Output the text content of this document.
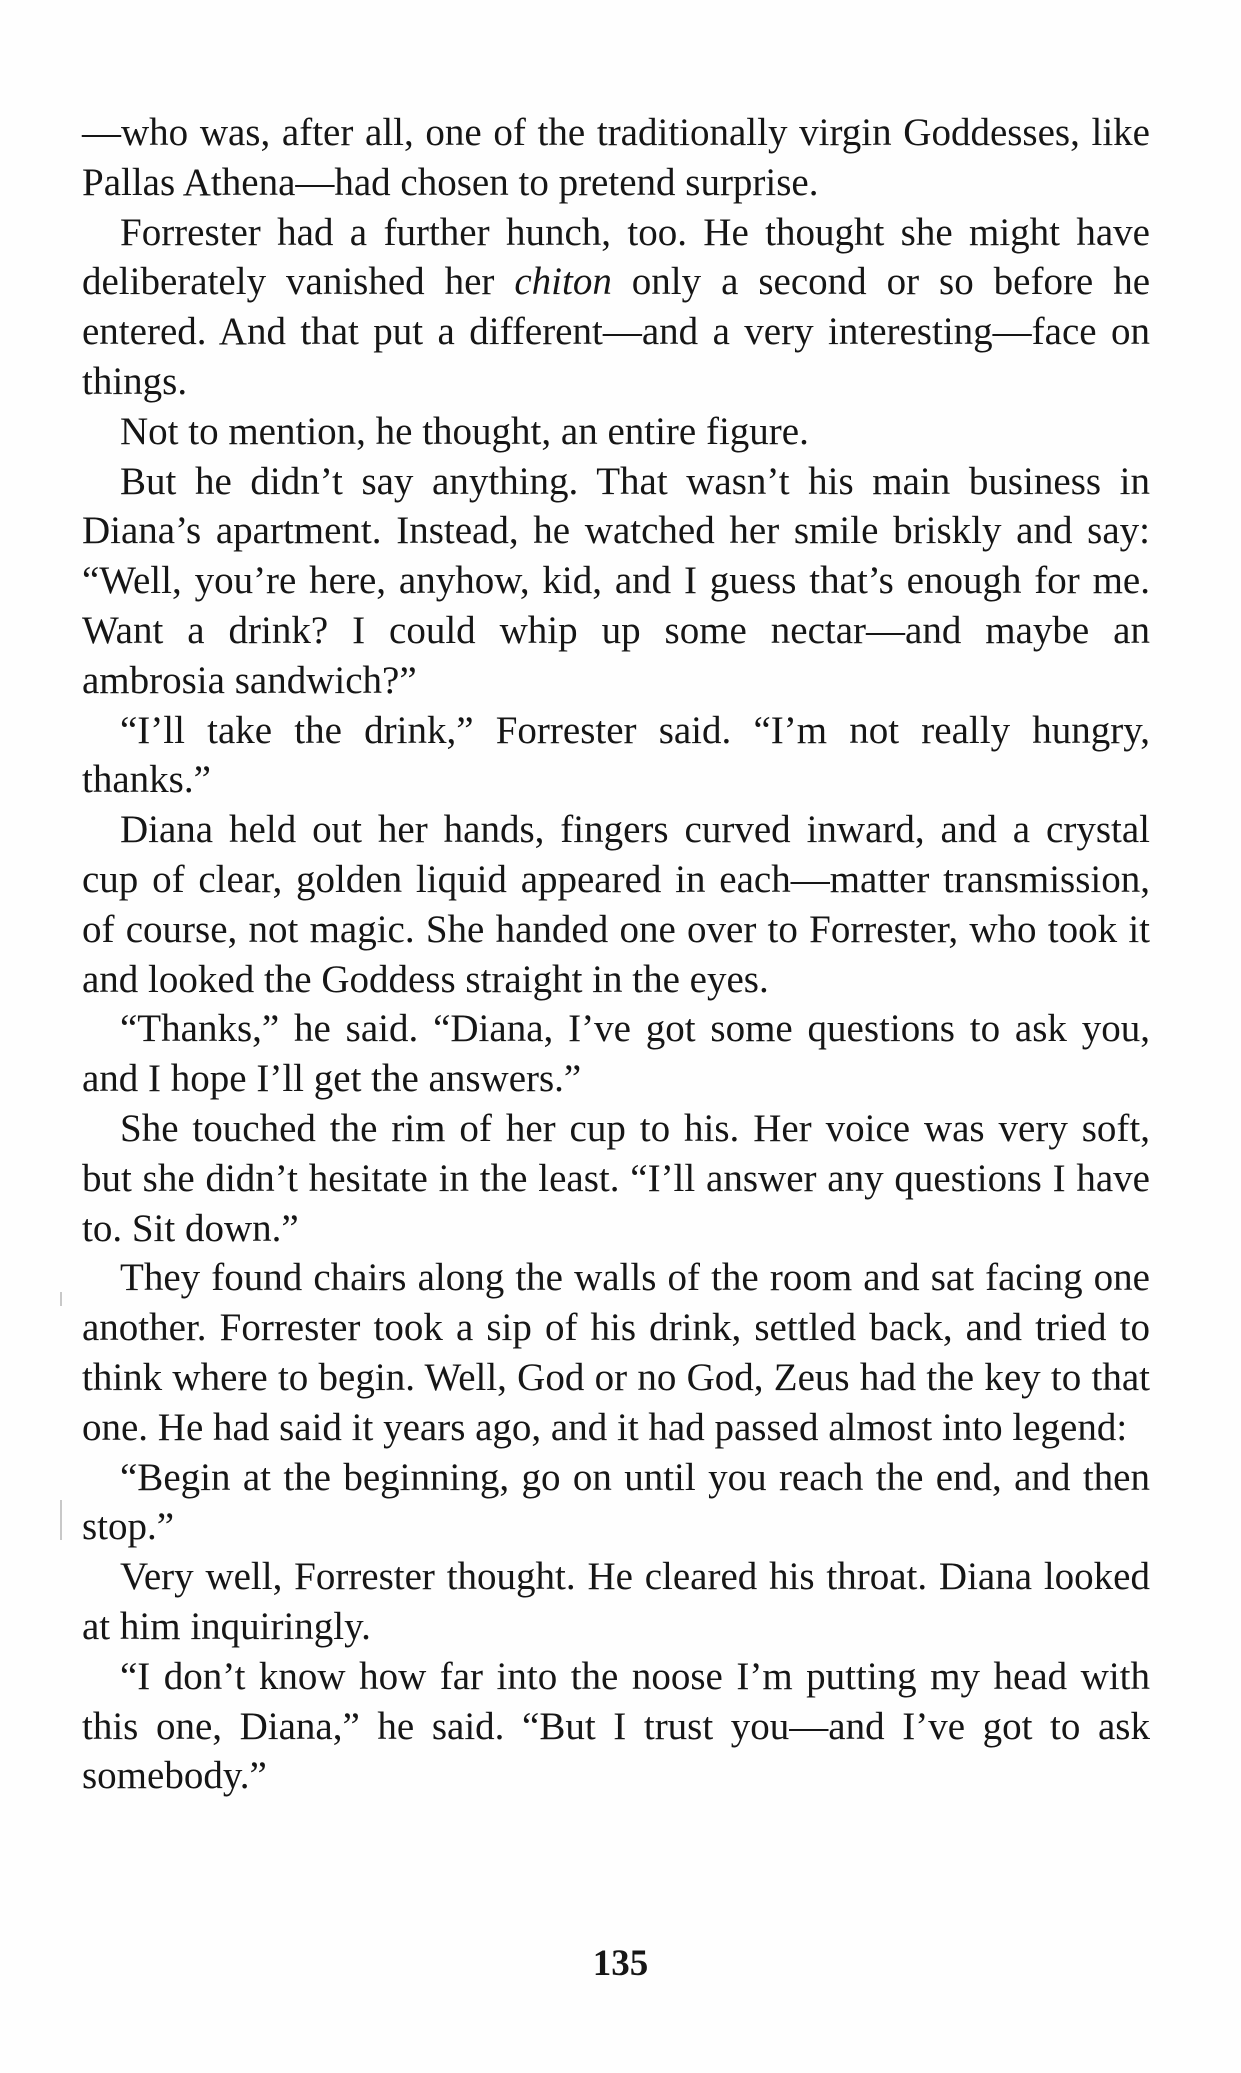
—who was, after all, one of the traditionally virgin Goddesses, like Pallas Athena—had chosen to pretend surprise.

Forrester had a further hunch, too. He thought she might have deliberately vanished her chiton only a second or so before he entered. And that put a different—and a very interesting—face on things.

Not to mention, he thought, an entire figure.

But he didn’t say anything. That wasn’t his main business in Diana’s apartment. Instead, he watched her smile briskly and say: “Well, you’re here, anyhow, kid, and I guess that’s enough for me. Want a drink? I could whip up some nectar—and maybe an ambrosia sandwich?”

“I’ll take the drink,” Forrester said. “I’m not really hungry, thanks.”

Diana held out her hands, fingers curved inward, and a crystal cup of clear, golden liquid appeared in each—matter transmission, of course, not magic. She handed one over to Forrester, who took it and looked the Goddess straight in the eyes.

“Thanks,” he said. “Diana, I’ve got some questions to ask you, and I hope I’ll get the answers.”

She touched the rim of her cup to his. Her voice was very soft, but she didn’t hesitate in the least. “I’ll answer any questions I have to. Sit down.”

They found chairs along the walls of the room and sat facing one another. Forrester took a sip of his drink, settled back, and tried to think where to begin. Well, God or no God, Zeus had the key to that one. He had said it years ago, and it had passed almost into legend:

“Begin at the beginning, go on until you reach the end, and then stop.”

Very well, Forrester thought. He cleared his throat. Diana looked at him inquiringly.

“I don’t know how far into the noose I’m putting my head with this one, Diana,” he said. “But I trust you—and I’ve got to ask somebody.”

135
